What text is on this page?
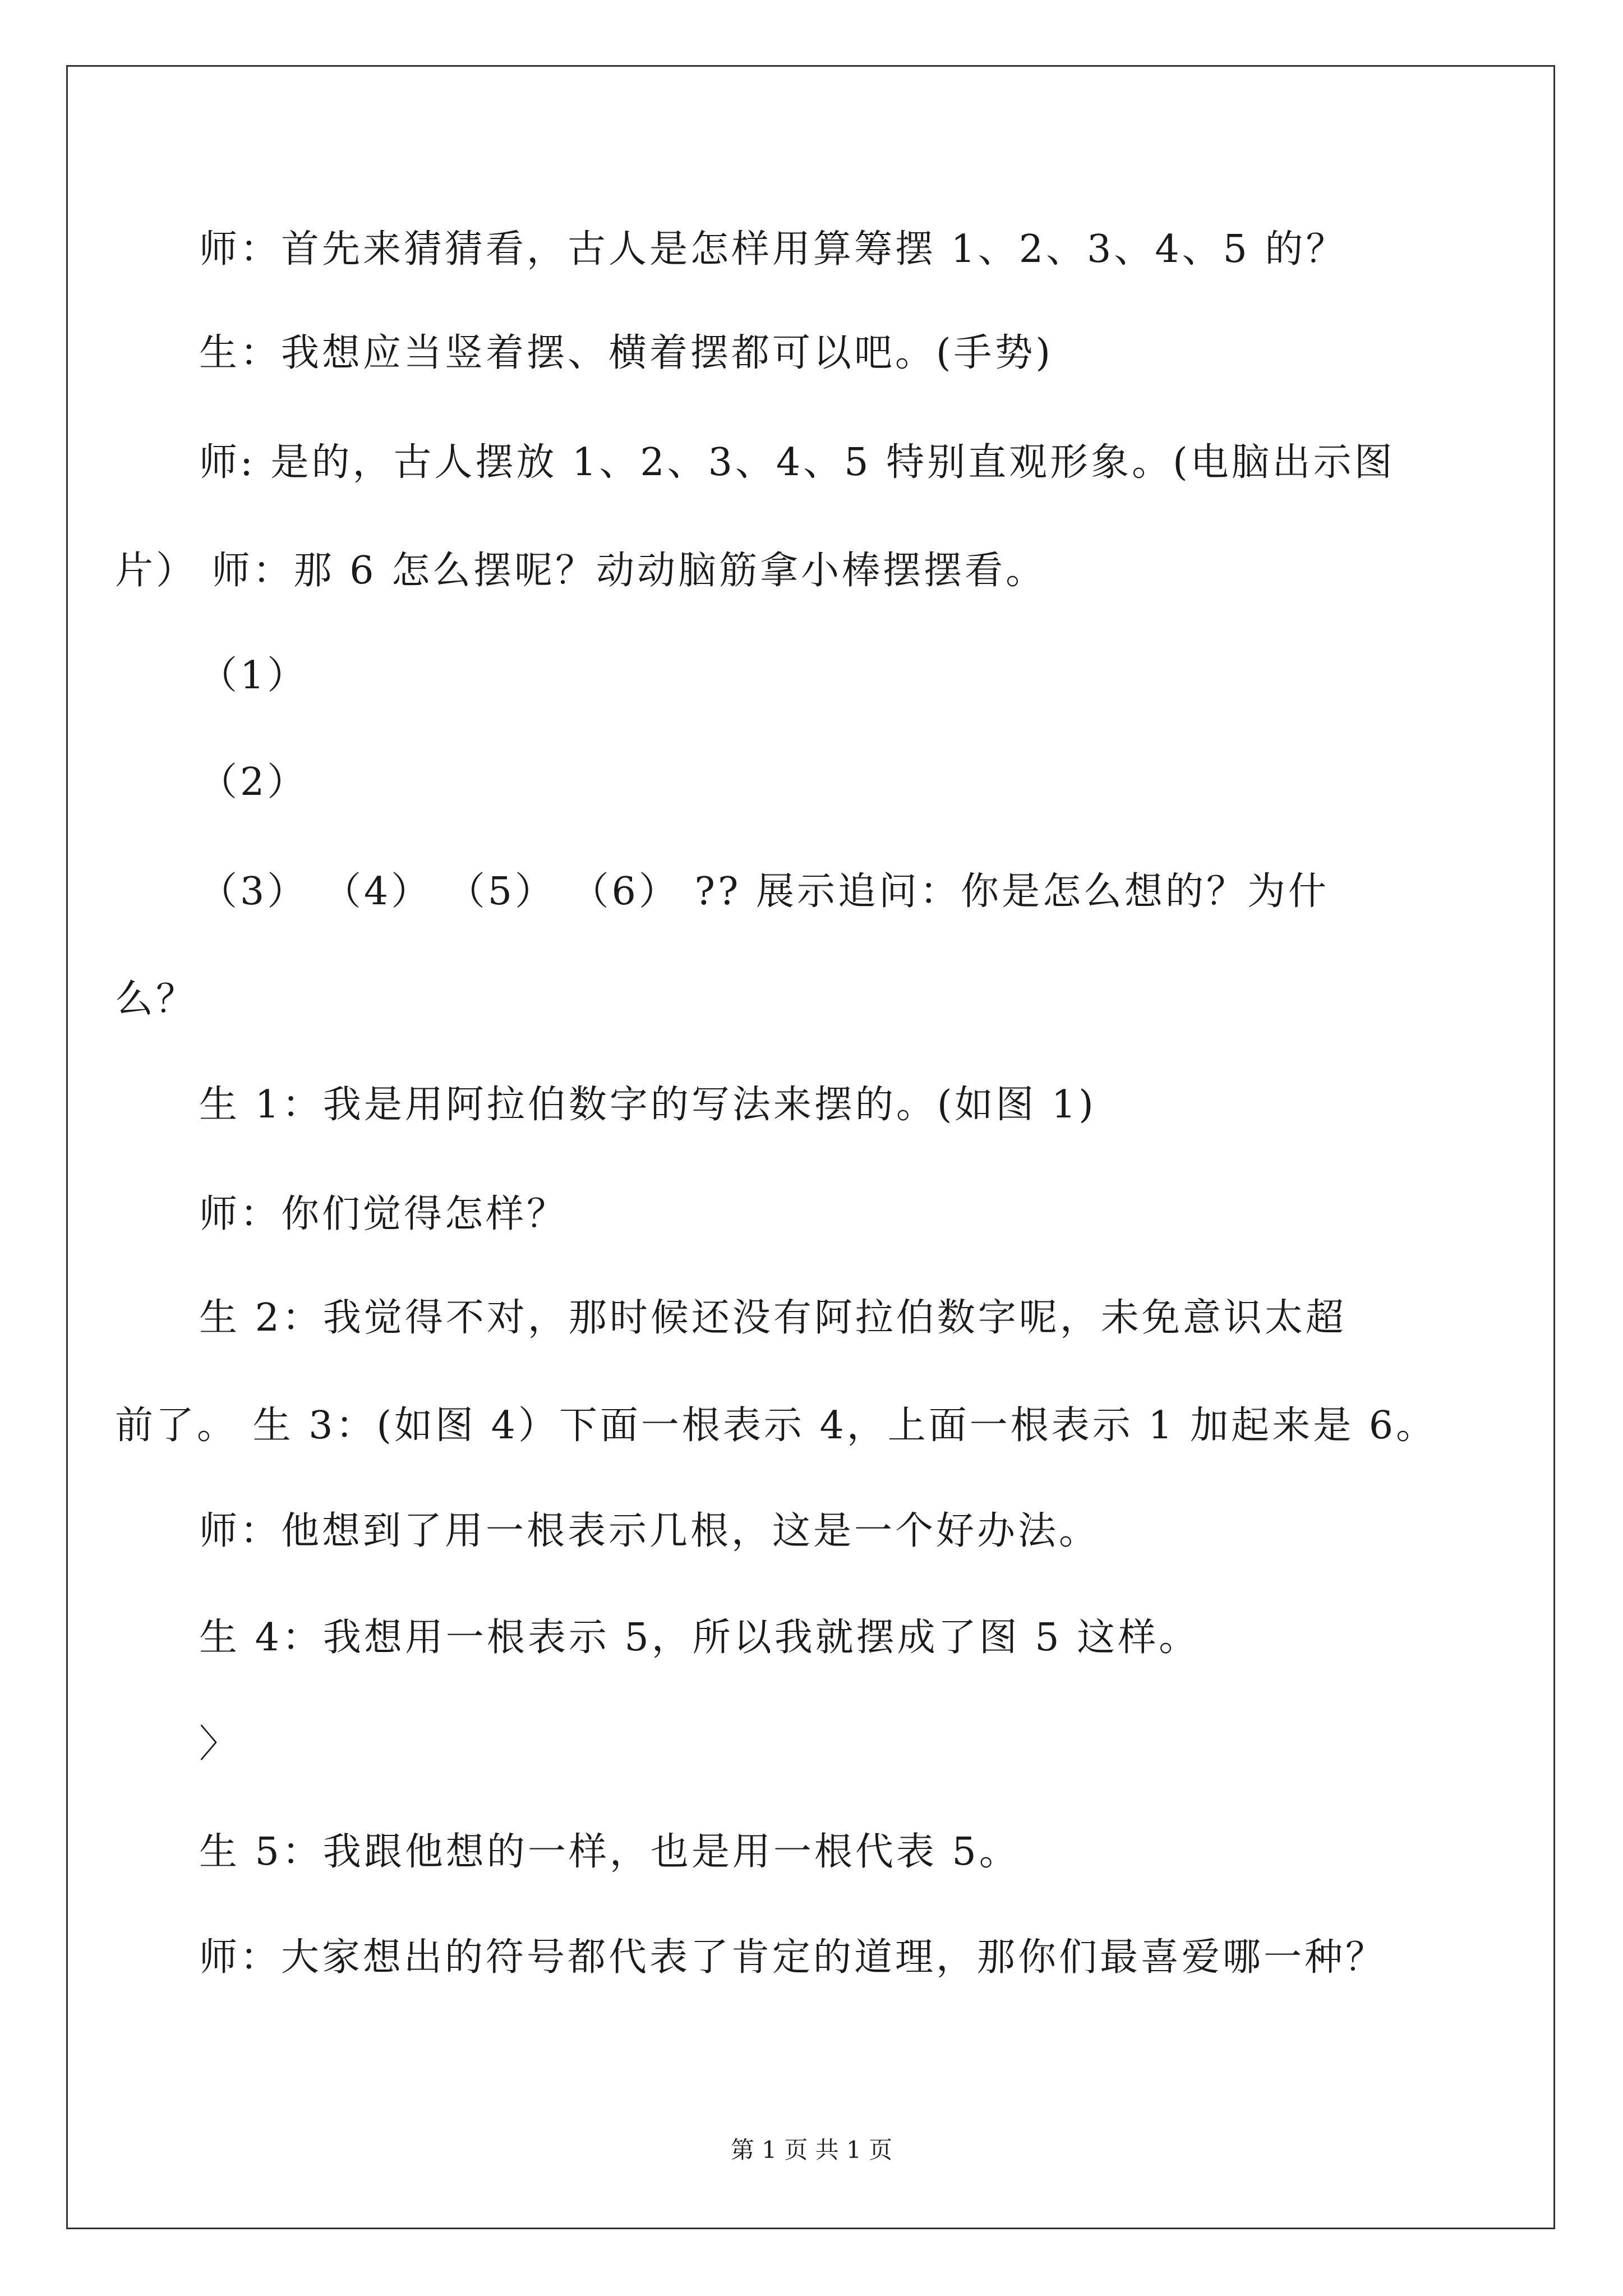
师：首先来猜猜看，古人是怎样用算筹摆 1、2、3、4、5 的？
生：我想应当竖着摆、横着摆都可以吧。(手势)
师: 是的，古人摆放 1、2、3、4、5 特别直观形象。(电脑出示图
片） 师：那 6 怎么摆呢？动动脑筋拿小棒摆摆看。
（1）
（2）
（3） （4） （5） （6） ?? 展示追问：你是怎么想的？为什
么？
生 1：我是用阿拉伯数字的写法来摆的。(如图 1)
师：你们觉得怎样？
生 2：我觉得不对，那时候还没有阿拉伯数字呢，未免意识太超
前了。 生 3：(如图 4）下面一根表示 4，上面一根表示 1 加起来是 6。
师：他想到了用一根表示几根，这是一个好办法。
生 4：我想用一根表示 5，所以我就摆成了图 5 这样。
〉
生 5：我跟他想的一样，也是用一根代表 5。
师：大家想出的符号都代表了肯定的道理，那你们最喜爱哪一种？
第 1 页 共 1 页
